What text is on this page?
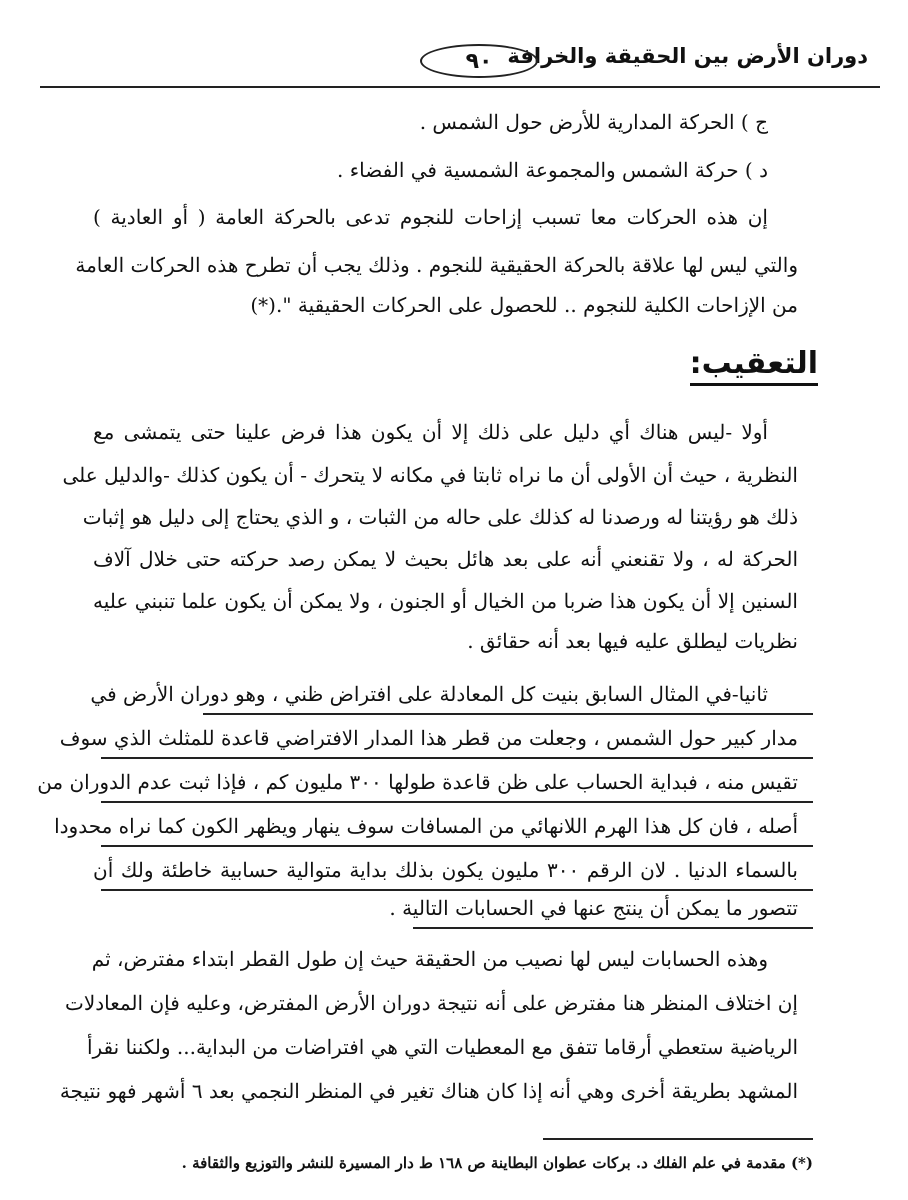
دوران الأرض بين الحقيقة والخرافة
٩٠
ج ) الحركة المدارية للأرض حول الشمس .
د ) حركة الشمس والمجموعة الشمسية في الفضاء .
إن هذه الحركات معا تسبب إزاحات للنجوم تدعى بالحركة العامة ( أو العادية )
والتي ليس لها علاقة بالحركة الحقيقية للنجوم . وذلك يجب أن تطرح هذه الحركات العامة
من الإزاحات الكلية للنجوم .. للحصول على الحركات الحقيقية ".(*)
التعقيب:
أولا -ليس هناك أي دليل على ذلك إلا أن يكون هذا فرض علينا حتى يتمشى مع
النظرية ، حيث أن الأولى أن ما نراه ثابتا في مكانه لا يتحرك - أن يكون كذلك -والدليل على
ذلك هو رؤيتنا له ورصدنا له كذلك على حاله من الثبات ، و الذي يحتاج إلى دليل هو إثبات
الحركة له ، ولا تقنعني أنه على بعد هائل بحيث لا يمكن رصد حركته حتى خلال آلاف
السنين إلا أن يكون هذا ضربا من الخيال أو الجنون ، ولا يمكن أن يكون علما تنبني عليه
نظريات ليطلق عليه فيها بعد أنه حقائق .
ثانيا-في المثال السابق بنيت كل المعادلة على افتراض ظني ، وهو دوران الأرض في
مدار كبير حول الشمس ، وجعلت من قطر هذا المدار الافتراضي قاعدة للمثلث الذي سوف
تقيس منه ، فبداية الحساب على ظن قاعدة طولها ٣٠٠ مليون كم ، فإذا ثبت عدم الدوران من
أصله ، فان كل هذا الهرم اللانهائي من المسافات سوف ينهار ويظهر الكون كما نراه محدودا
بالسماء الدنيا . لان الرقم ٣٠٠ مليون يكون بذلك بداية متوالية حسابية خاطئة ولك أن
تتصور ما يمكن أن ينتج عنها في الحسابات التالية .
وهذه الحسابات ليس لها نصيب من الحقيقة حيث إن طول القطر ابتداء مفترض، ثم
إن اختلاف المنظر هنا مفترض على أنه نتيجة دوران الأرض المفترض، وعليه فإن المعادلات
الرياضية ستعطي أرقاما تتفق مع المعطيات التي هي افتراضات من البداية... ولكننا نقرأ
المشهد بطريقة أخرى وهي أنه إذا كان هناك تغير في المنظر النجمي بعد ٦ أشهر فهو نتيجة
(*) مقدمة في علم الفلك د. بركات عطوان البطاينة ص ١٦٨ ط دار المسيرة للنشر والتوزيع والثقافة .
